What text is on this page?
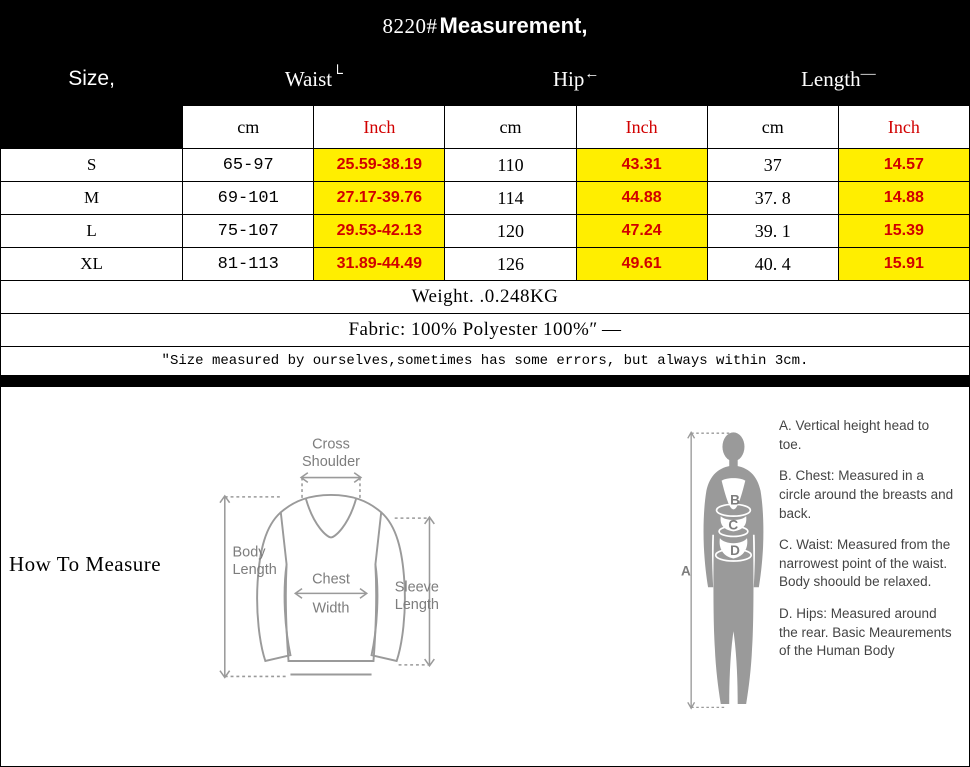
8220# Measurement,
Size,	Waist└		Hip←		Length—
	cm	Inch	cm	Inch	cm	Inch
S	65-97	25.59-38.19	110	43.31	37	14.57
M	69-101	27.17-39.76	114	44.88	37. 8	14.88
L	75-107	29.53-42.13	120	47.24	39. 1	15.39
XL	81-113	31.89-44.49	126	49.61	40. 4	15.91
Weight. .0.248KG						
Fabric: 100% Polyester 100%ʺ —						
ʺSize measured by ourselves,sometimes has some errors, but always within 3cm.						
How To Measure
Cross
Shoulder
Body
Length
Chest
Width
Sleeve
Length
A
B
C
D

A. Vertical height head to toe.

B. Chest: Measured in a circle around the breasts and back.

C. Waist: Measured from the narrowest point of the waist. Body shoould be relaxed.

D. Hips: Measured around the rear. Basic Meaurements of the Human Body
